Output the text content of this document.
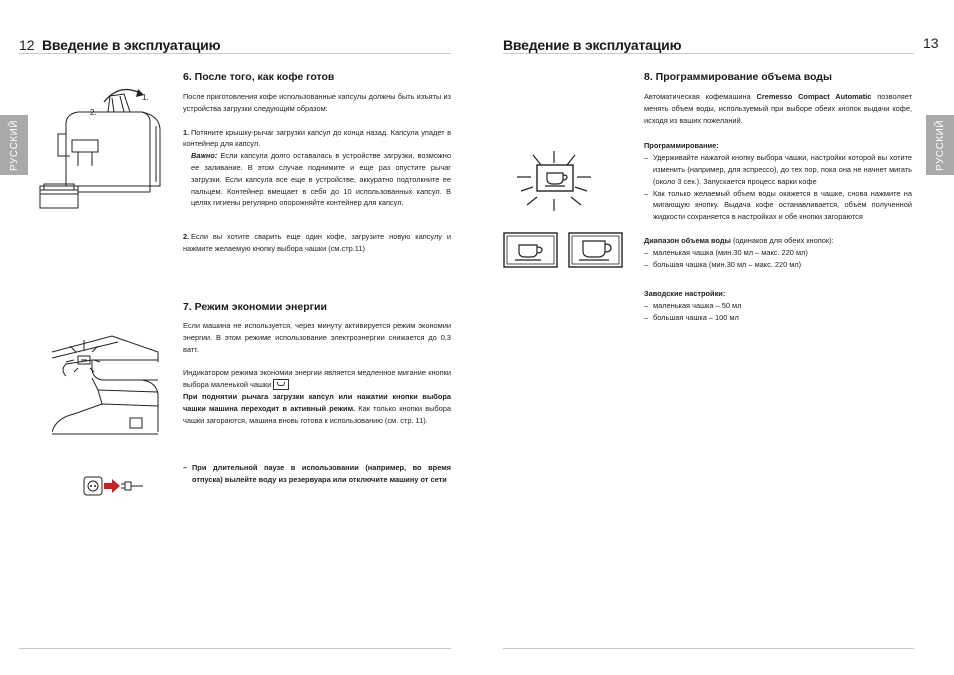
12 Введение в эксплуатацию
РУССКИЙ
1.
2.
6. После того, как кофе готов

После приготовления кофе использованные капсулы должны быть изъяты из устройства загрузки следующим образом:

1. Потяните крышку-рычаг загрузки капсул до конца назад. Капсула упадет в контейнер для капсул.

Важно: Если капсула долго оставалась в устройстве загрузки, возможно ее заливание. В этом случае поднимите и еще раз опустите рычаг загрузки. Если капсула все еще в устройстве, аккуратно подтолкните ее пальцем. Контейнер вмещает в себя до 10 использованных капсул. В целях гигиены регулярно опорожняйте контейнер для капсул.

2. Если вы хотите сварить еще один кофе, загрузите новую капсулу и нажмите желаемую кнопку выбора чашки (см.стр.11)

7. Режим экономии энергии

Если машина не используется, через минуту активируется режим экономии энергии. В этом режиме использование электроэнергии снижается до 0,3 ватт.

Индикатором режима экономии энергии является медленное мигание кнопки выбора маленькой чашки

При поднятии рычага загрузки капсул или нажатии кнопки выбора чашки машина переходит в активный режим. Как только кнопки выбора чашки загораются, машина вновь готова к использованию (см. стр. 11).

– При длительной паузе в использовании (например, во время отпуска) вылейте воду из резервуара или отключите машину от сети
Введение в эксплуатацию	13
РУССКИЙ
8. Программирование объема воды

Автоматическая кофемашина Cremesso Compact Automatic позволяет менять объем воды, используемый при выборе обеих кнопок выдачи кофе, исходя из ваших пожеланий.

Программирование:

– Удерживайте нажатой кнопку выбора чашки, настройки которой вы хотите изменить (например, для эспрессо), до тех пор, пока она не начнет мигать (около 3 сек.). Запускается процесс варки кофе
– Как только желаемый объем воды окажется в чашке, снова нажмите на мигающую кнопку. Выдача кофе останавливается, объем полученной жидкости сохраняется в настройках и обе кнопки загораются

Диапазон объема воды (одинаков для обеих кнопок):

– маленькая чашка (мин.30 мл – макс. 220 мл)
– большая чашка (мин.30 мл – макс. 220 мл)

Заводские настройки:

– маленькая чашка – 50 мл
– большая чашка – 100 мл
